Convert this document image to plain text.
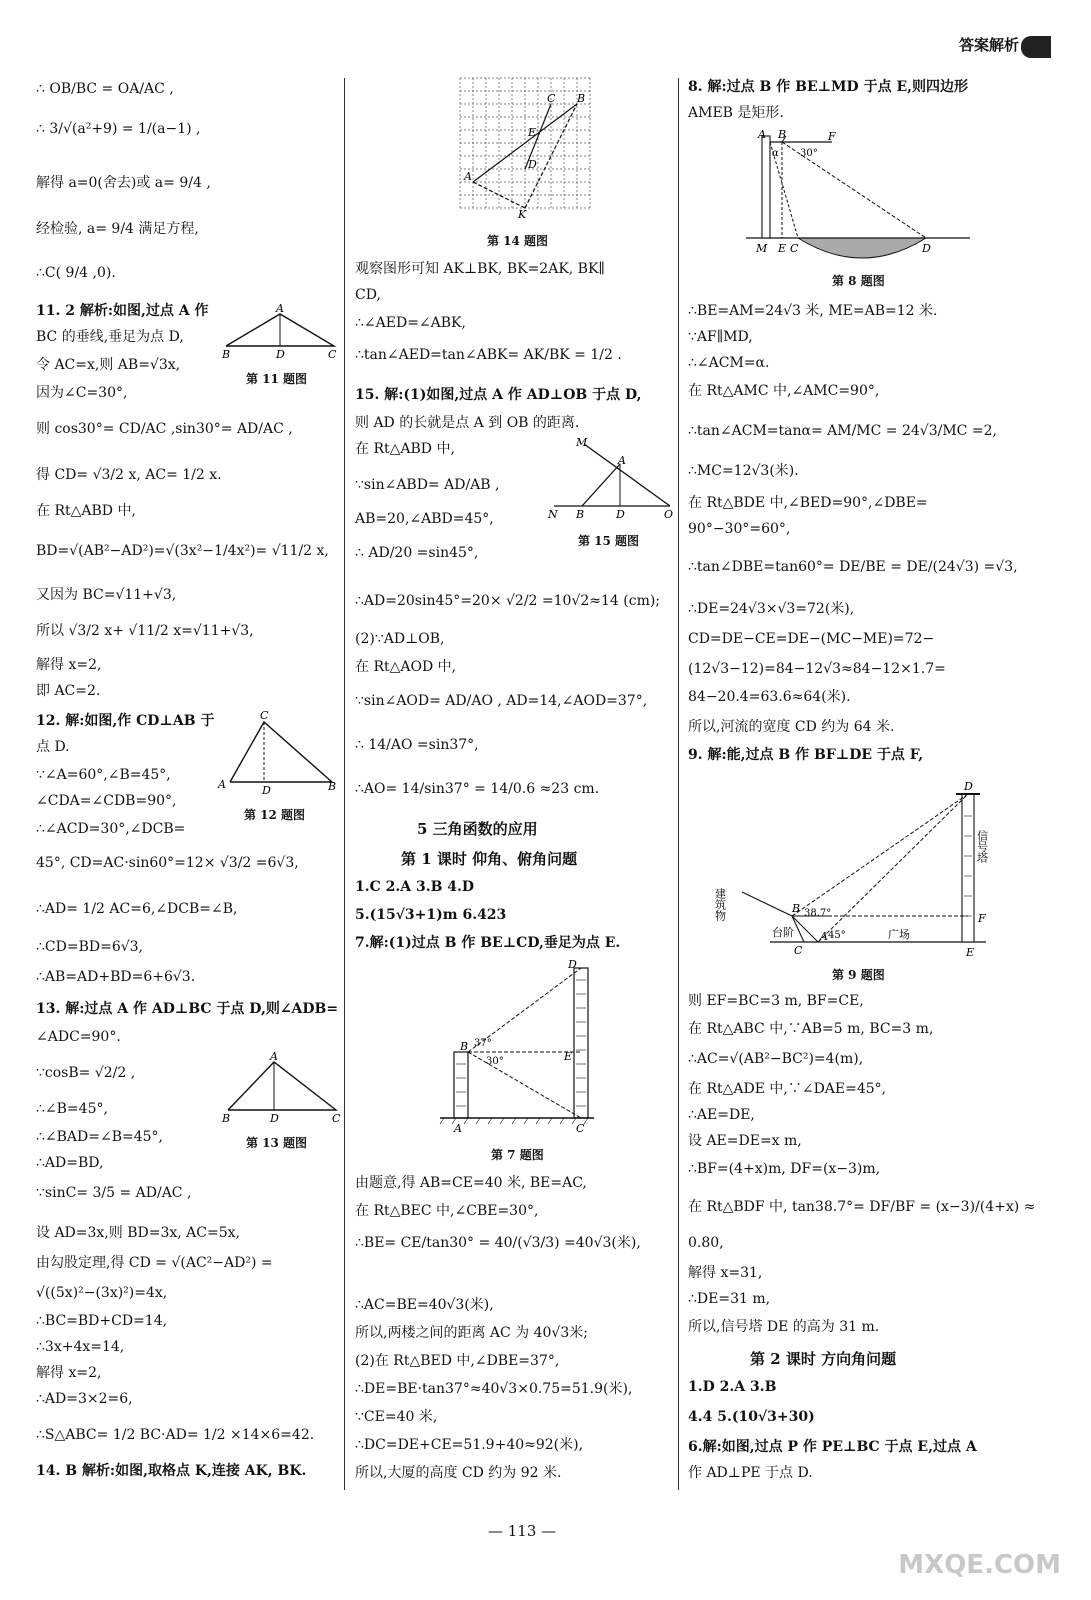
答案解析
∴ OB/BC = OA/AC ,
∴ 3/√(a²+9) = 1/(a−1) ,
解得 a=0(舍去)或 a= 9/4 ,
经检验, a= 9/4 满足方程,
∴C( 9/4 ,0).
11. 2 解析:如图,过点 A 作
BC 的垂线,垂足为点 D,
令 AC=x,则 AB=√3x,
因为∠C=30°,
则 cos30°= CD/AC ,sin30°= AD/AC ,
得 CD= √3/2 x, AC= 1/2 x.
在 Rt△ABD 中,
BD=√(AB²−AD²)=√(3x²−1/4x²)= √11/2 x,
又因为 BC=√11+√3,
所以 √3/2 x+ √11/2 x=√11+√3,
解得 x=2,
即 AC=2.
12. 解:如图,作 CD⊥AB 于
点 D.
∵∠A=60°,∠B=45°,
∠CDA=∠CDB=90°,
∴∠ACD=30°,∠DCB=
45°, CD=AC·sin60°=12× √3/2 =6√3,
∴AD= 1/2 AC=6,∠DCB=∠B,
∴CD=BD=6√3,
∴AB=AD+BD=6+6√3.
13. 解:过点 A 作 AD⊥BC 于点 D,则∠ADB=
∠ADC=90°.
∵cosB= √2/2 ,
∴∠B=45°,
∴∠BAD=∠B=45°,
∴AD=BD,
∵sinC= 3/5 = AD/AC ,
设 AD=3x,则 BD=3x, AC=5x,
由勾股定理,得 CD = √(AC²−AD²) =
√((5x)²−(3x)²)=4x,
∴BC=BD+CD=14,
∴3x+4x=14,
解得 x=2,
∴AD=3×2=6,
∴S△ABC= 1/2 BC·AD= 1/2 ×14×6=42.
14. B 解析:如图,取格点 K,连接 AK, BK.
A
B	D	C
第 11 题图
C
A	D	B
第 12 题图
A
B	D	C
第 13 题图
C B
E
D
A
K
第 14 题图
观察图形可知 AK⊥BK, BK=2AK, BK∥
CD,
∴∠AED=∠ABK,
∴tan∠AED=tan∠ABK= AK/BK = 1/2 .
15. 解:(1)如图,过点 A 作 AD⊥OB 于点 D,
则 AD 的长就是点 A 到 OB 的距离.
在 Rt△ABD 中,
∵sin∠ABD= AD/AB ,
AB=20,∠ABD=45°,
∴ AD/20 =sin45°,
∴AD=20sin45°=20× √2/2 =10√2≈14 (cm);
(2)∵AD⊥OB,
在 Rt△AOD 中,
∵sin∠AOD= AD/AO , AD=14,∠AOD=37°,
∴ 14/AO =sin37°,
∴AO= 14/sin37° = 14/0.6 ≈23 cm.
5 三角函数的应用
第 1 课时 仰角、俯角问题
1.C 2.A 3.B 4.D
5.(15√3+1)m 6.423
7.解:(1)过点 B 作 BE⊥CD,垂足为点 E.
第 7 题图
由题意,得 AB=CE=40 米, BE=AC,
在 Rt△BEC 中,∠CBE=30°,
∴BE= CE/tan30° = 40/(√3/3) =40√3(米),
∴AC=BE=40√3(米),
所以,两楼之间的距离 AC 为 40√3米;
(2)在 Rt△BED 中,∠DBE=37°,
∴DE=BE·tan37°≈40√3×0.75=51.9(米),
∵CE=40 米,
∴DC=DE+CE=51.9+40≈92(米),
所以,大厦的高度 CD 约为 92 米.
M
A
N B	D	O
第 15 题图
37°
30°
B
D
E
A	C
8. 解:过点 B 作 BE⊥MD 于点 E,则四边形
AMEB 是矩形.
第 8 题图
∴BE=AM=24√3 米, ME=AB=12 米.
∵AF∥MD,
∴∠ACM=α.
在 Rt△AMC 中,∠AMC=90°,
∴tan∠ACM=tanα= AM/MC = 24√3/MC =2,
∴MC=12√3(米).
在 Rt△BDE 中,∠BED=90°,∠DBE=
90°−30°=60°,
∴tan∠DBE=tan60°= DE/BE = DE/(24√3) =√3,
∴DE=24√3×√3=72(米),
CD=DE−CE=DE−(MC−ME)=72−
(12√3−12)=84−12√3≈84−12×1.7=
84−20.4=63.6≈64(米).
所以,河流的宽度 CD 约为 64 米.
9. 解:能,过点 B 作 BF⊥DE 于点 F,
第 9 题图
则 EF=BC=3 m, BF=CE,
在 Rt△ABC 中,∵AB=5 m, BC=3 m,
∴AC=√(AB²−BC²)=4(m),
在 Rt△ADE 中,∵∠DAE=45°,
∴AE=DE,
设 AE=DE=x m,
∴BF=(4+x)m, DF=(x−3)m,
在 Rt△BDF 中, tan38.7°= DF/BF = (x−3)/(4+x) ≈
0.80,
解得 x=31,
∴DE=31 m,
所以,信号塔 DE 的高为 31 m.
第 2 课时 方向角问题
1.D 2.A 3.B
4.4 5.(10√3+30)
6.解:如图,过点 P 作 PE⊥BC 于点 E,过点 A
作 AD⊥PE 于点 D.
A B	F
α 30°
M E C	D
建筑物
信号塔
台阶	广场
38.7°
45°
B
D
F
C
A
E
— 113 —
MXQE.COM
